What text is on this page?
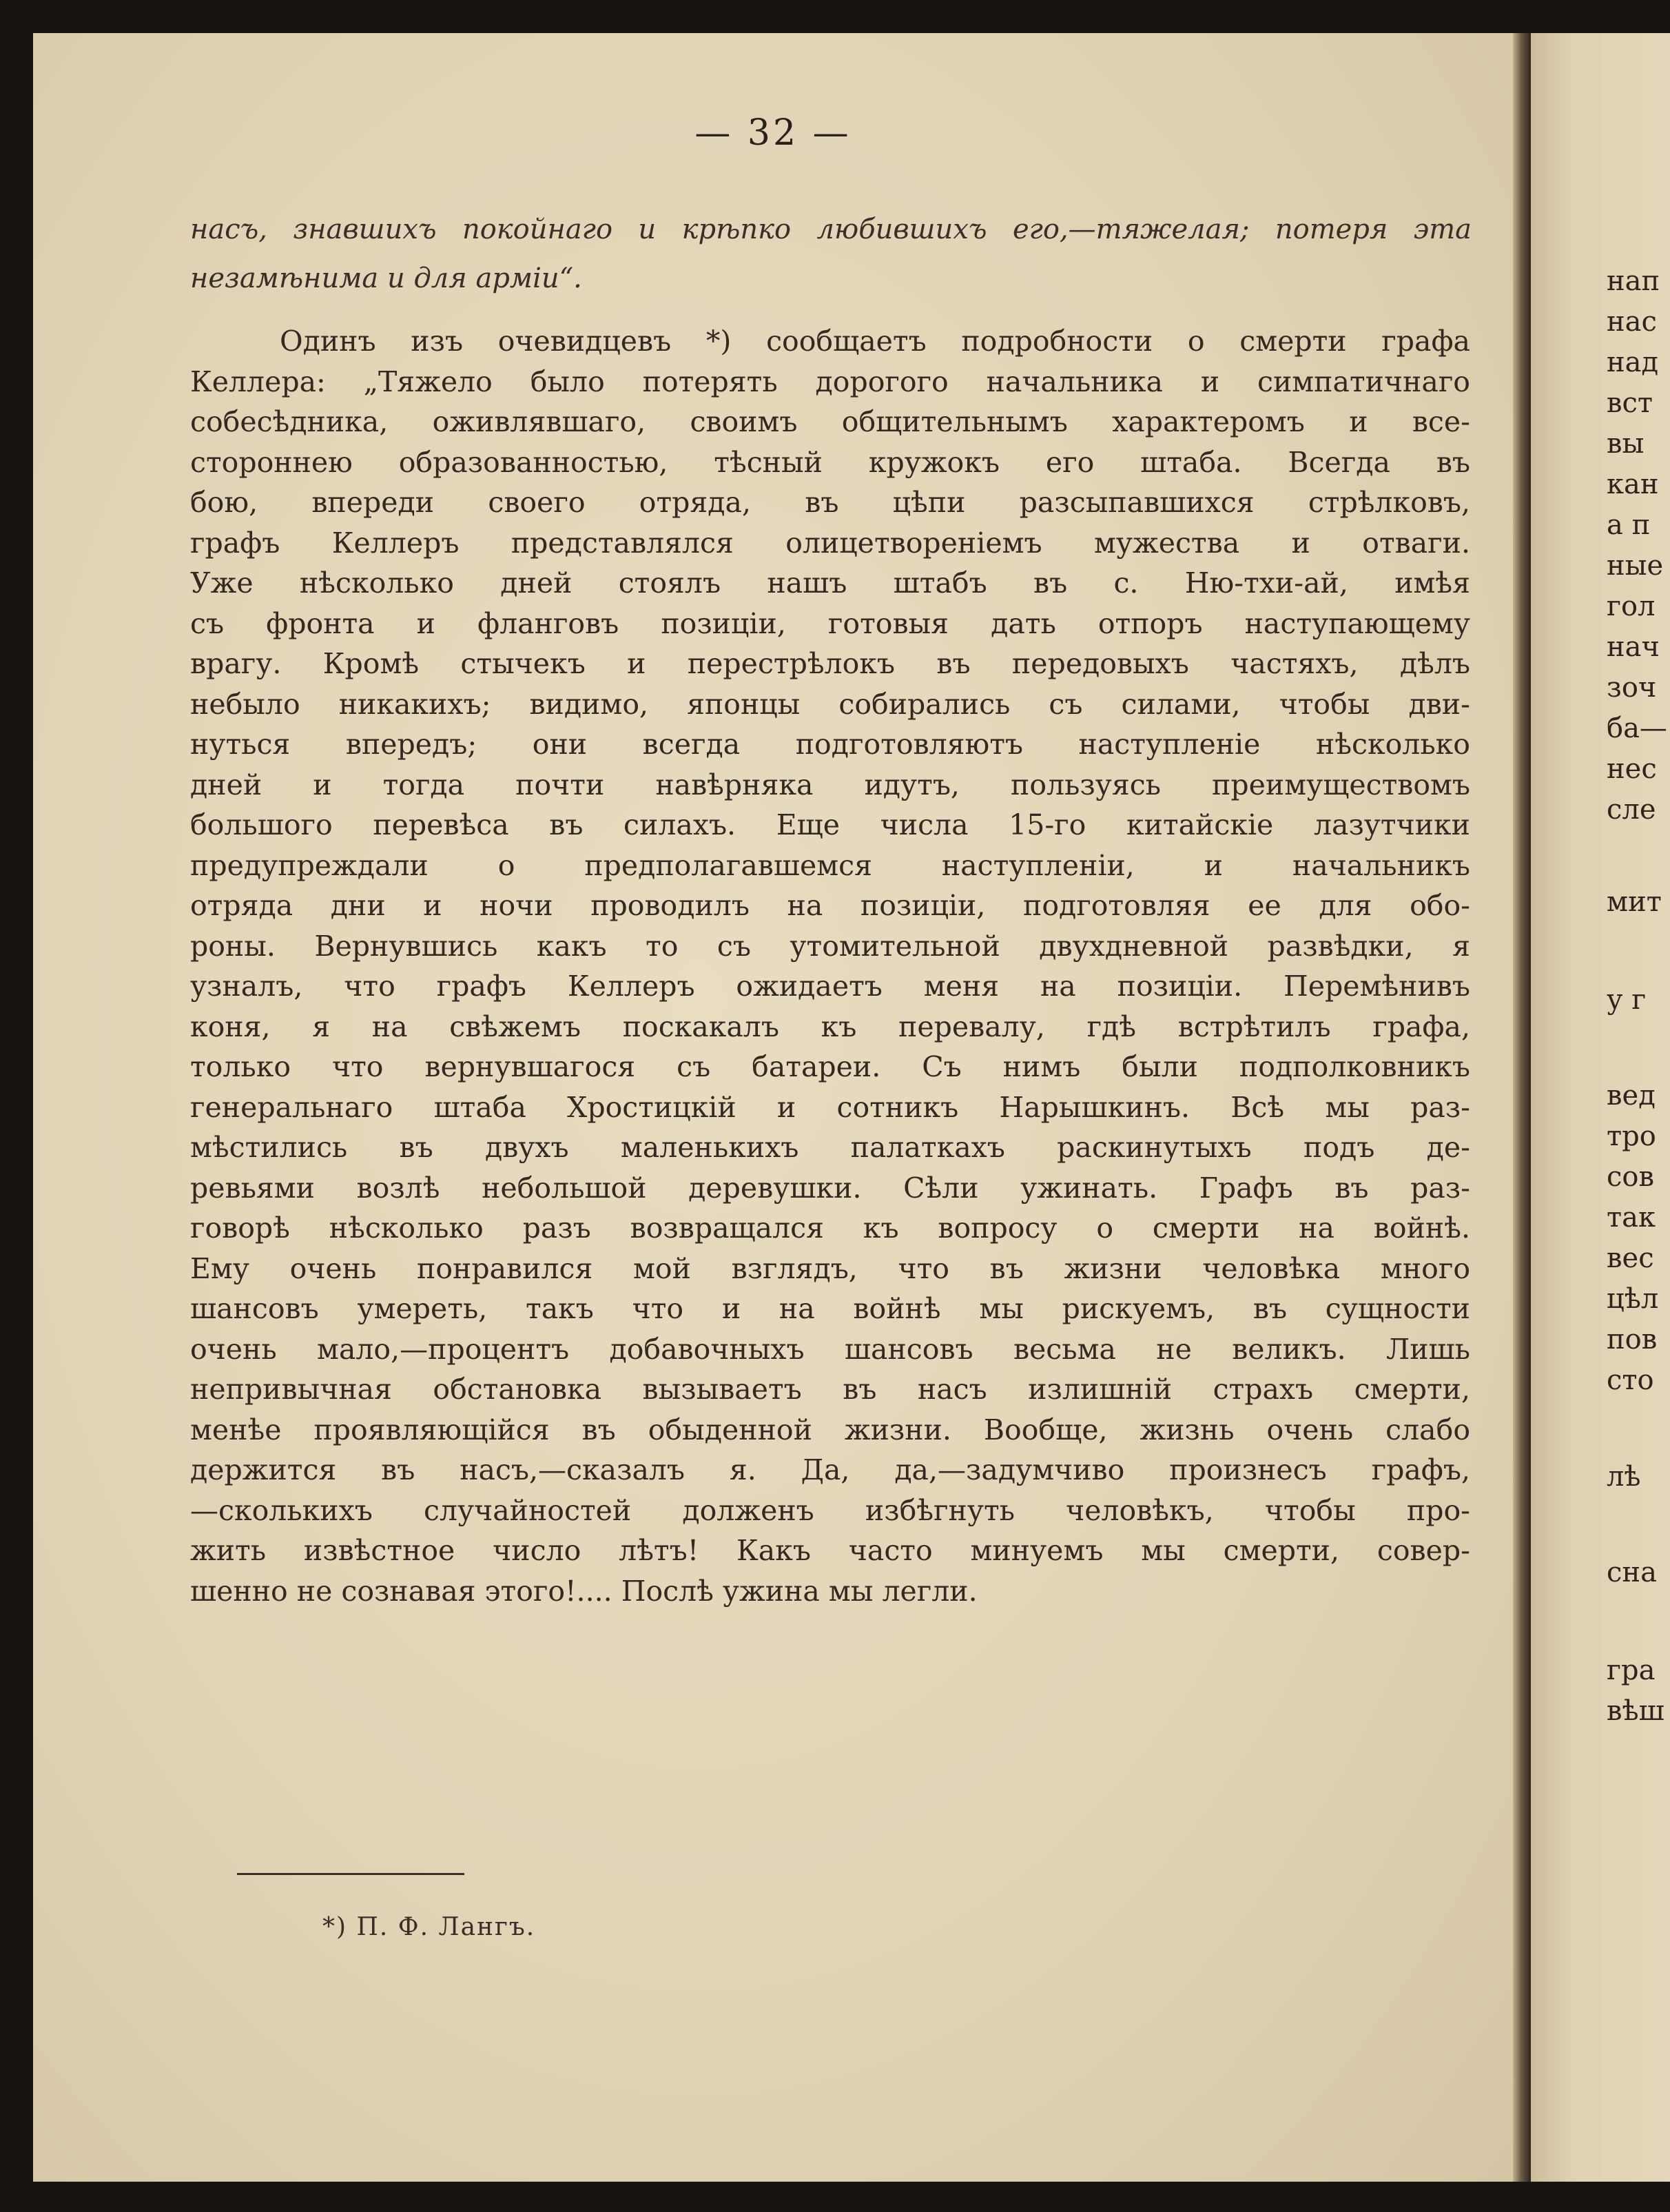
— 32 —
насъ, знавшихъ покойнаго и крѣпко любившихъ его,—тяжелая; потеря эта
незамѣнима и для арміи“.
Одинъ изъ очевидцевъ *) сообщаетъ подробности о смерти графа
Келлера: „Тяжело было потерять дорогого начальника и симпатичнаго
собесѣдника, оживлявшаго, своимъ общительнымъ характеромъ и все-
стороннею образованностью, тѣсный кружокъ его штаба. Всегда въ
бою, впереди своего отряда, въ цѣпи разсыпавшихся стрѣлковъ,
графъ Келлеръ представлялся олицетвореніемъ мужества и отваги.
Уже нѣсколько дней стоялъ нашъ штабъ въ с. Ню-тхи-ай, имѣя
съ фронта и фланговъ позиціи, готовыя дать отпоръ наступающему
врагу. Кромѣ стычекъ и перестрѣлокъ въ передовыхъ частяхъ, дѣлъ
небыло никакихъ; видимо, японцы собирались съ силами, чтобы дви-
нуться впередъ; они всегда подготовляютъ наступленіе нѣсколько
дней и тогда почти навѣрняка идутъ, пользуясь преимуществомъ
большого перевѣса въ силахъ. Еще числа 15-го китайскіе лазутчики
предупреждали о предполагавшемся наступленіи, и начальникъ
отряда дни и ночи проводилъ на позиціи, подготовляя ее для обо-
роны. Вернувшись какъ то съ утомительной двухдневной развѣдки, я
узналъ, что графъ Келлеръ ожидаетъ меня на позиціи. Перемѣнивъ
коня, я на свѣжемъ поскакалъ къ перевалу, гдѣ встрѣтилъ графа,
только что вернувшагося съ батареи. Съ нимъ были подполковникъ
генеральнаго штаба Хростицкій и сотникъ Нарышкинъ. Всѣ мы раз-
мѣстились въ двухъ маленькихъ палаткахъ раскинутыхъ подъ де-
ревьями возлѣ небольшой деревушки. Сѣли ужинать. Графъ въ раз-
говорѣ нѣсколько разъ возвращался къ вопросу о смерти на войнѣ.
Ему очень понравился мой взглядъ, что въ жизни человѣка много
шансовъ умереть, такъ что и на войнѣ мы рискуемъ, въ сущности
очень мало,—процентъ добавочныхъ шансовъ весьма не великъ. Лишь
непривычная обстановка вызываетъ въ насъ излишній страхъ смерти,
менѣе проявляющійся въ обыденной жизни. Вообще, жизнь очень слабо
держится въ насъ,—сказалъ я. Да, да,—задумчиво произнесъ графъ,
—сколькихъ случайностей долженъ избѣгнуть человѣкъ, чтобы про-
жить извѣстное число лѣтъ! Какъ часто минуемъ мы смерти, совер-
шенно не сознавая этого!.... Послѣ ужина мы легли.
*) П. Ф. Лангъ.
нап
нас
над
вст
вы
кан
а п
ные
гол
нач
зоч
ба—
нес
сле
мит
у г
вед
тро
сов
так
вес
цѣл
пов
сто
лѣ
сна
гра
вѣш
